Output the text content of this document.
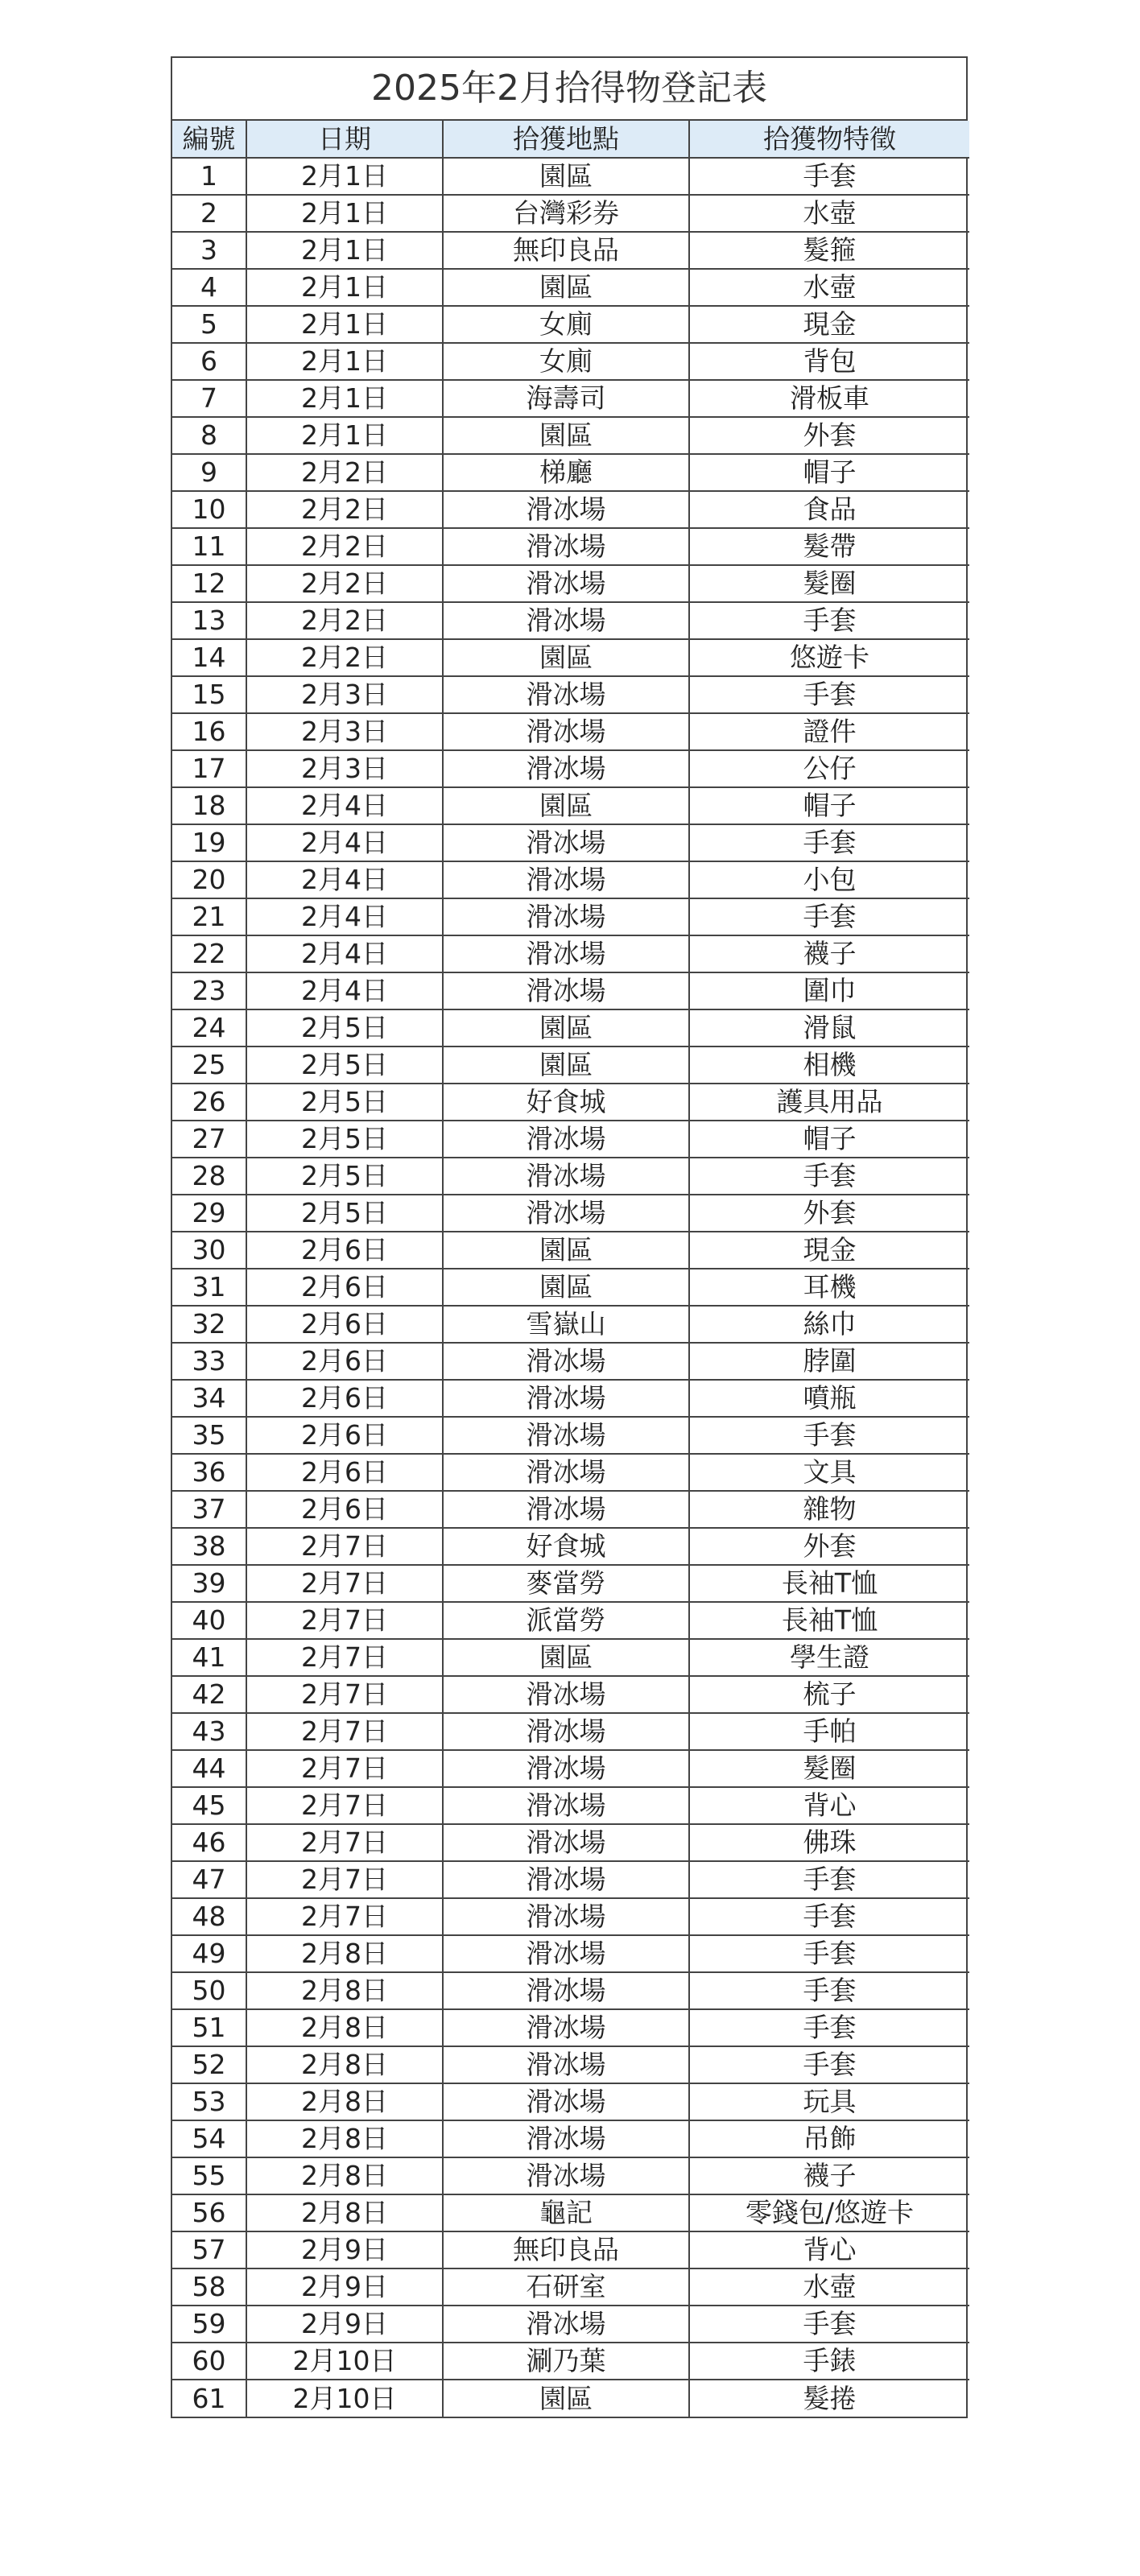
2025年2月拾得物登記表
編號	日期	拾獲地點	拾獲物特徵
1	2月1日	園區	手套
2	2月1日	台灣彩券	水壺
3	2月1日	無印良品	髮箍
4	2月1日	園區	水壺
5	2月1日	女廁	現金
6	2月1日	女廁	背包
7	2月1日	海壽司	滑板車
8	2月1日	園區	外套
9	2月2日	梯廳	帽子
10	2月2日	滑冰場	食品
11	2月2日	滑冰場	髮帶
12	2月2日	滑冰場	髮圈
13	2月2日	滑冰場	手套
14	2月2日	園區	悠遊卡
15	2月3日	滑冰場	手套
16	2月3日	滑冰場	證件
17	2月3日	滑冰場	公仔
18	2月4日	園區	帽子
19	2月4日	滑冰場	手套
20	2月4日	滑冰場	小包
21	2月4日	滑冰場	手套
22	2月4日	滑冰場	襪子
23	2月4日	滑冰場	圍巾
24	2月5日	園區	滑鼠
25	2月5日	園區	相機
26	2月5日	好食城	護具用品
27	2月5日	滑冰場	帽子
28	2月5日	滑冰場	手套
29	2月5日	滑冰場	外套
30	2月6日	園區	現金
31	2月6日	園區	耳機
32	2月6日	雪嶽山	絲巾
33	2月6日	滑冰場	脖圍
34	2月6日	滑冰場	噴瓶
35	2月6日	滑冰場	手套
36	2月6日	滑冰場	文具
37	2月6日	滑冰場	雜物
38	2月7日	好食城	外套
39	2月7日	麥當勞	長袖T恤
40	2月7日	派當勞	長袖T恤
41	2月7日	園區	學生證
42	2月7日	滑冰場	梳子
43	2月7日	滑冰場	手帕
44	2月7日	滑冰場	髮圈
45	2月7日	滑冰場	背心
46	2月7日	滑冰場	佛珠
47	2月7日	滑冰場	手套
48	2月7日	滑冰場	手套
49	2月8日	滑冰場	手套
50	2月8日	滑冰場	手套
51	2月8日	滑冰場	手套
52	2月8日	滑冰場	手套
53	2月8日	滑冰場	玩具
54	2月8日	滑冰場	吊飾
55	2月8日	滑冰場	襪子
56	2月8日	龜記	零錢包/悠遊卡
57	2月9日	無印良品	背心
58	2月9日	石研室	水壺
59	2月9日	滑冰場	手套
60	2月10日	涮乃葉	手錶
61	2月10日	園區	髮捲
